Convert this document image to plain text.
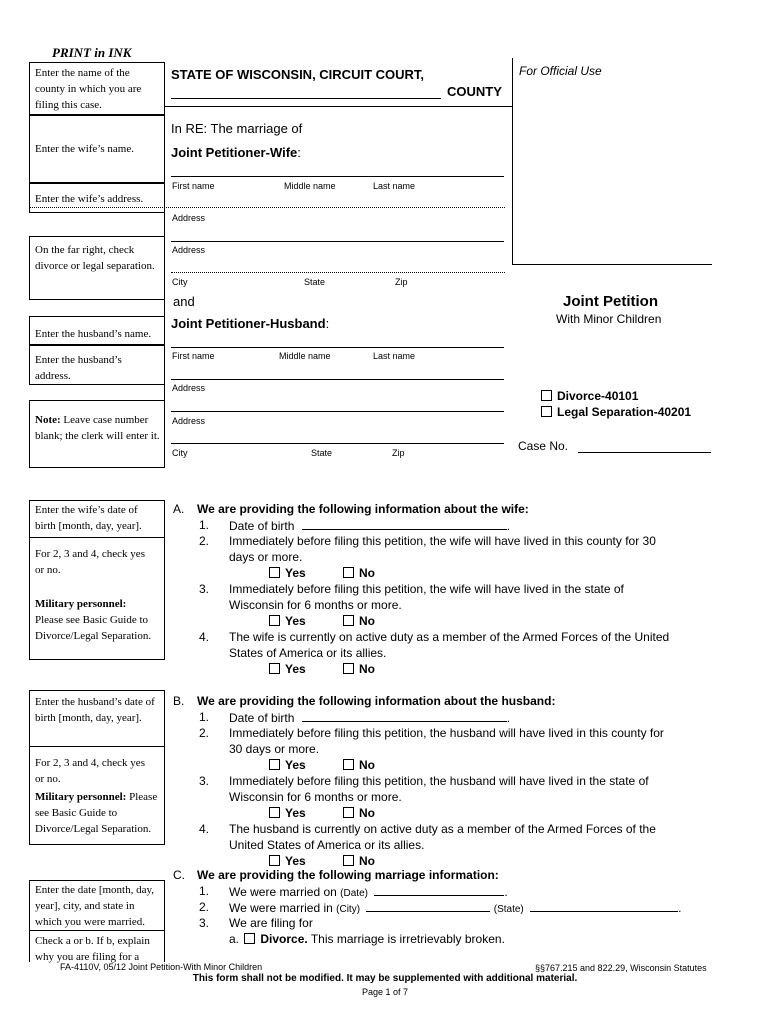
PRINT in INK
Enter the name of the county in which you are filing this case.
Enter the wife’s name.
Enter the wife’s address.
On the far right, check divorce or legal separation.
Enter the husband’s name.
Enter the husband’s address.
Note: Leave case number blank; the clerk will enter it.
For Official Use
STATE OF WISCONSIN, CIRCUIT COURT,
COUNTY
In RE: The marriage of
Joint Petitioner-Wife:
First name	Middle name	Last name
Address
Address
City	State	Zip
and
Joint Petitioner-Husband:
First name	Middle name	Last name
Address
Address
City	State	Zip
Joint Petition
With Minor Children
Divorce-40101
Legal Separation-40201
Case No.
Enter the wife’s date of birth [month, day, year].
For 2, 3 and 4, check yes or no.
Military personnel:
Please see Basic Guide to Divorce/Legal Separation.
A. We are providing the following information about the wife:
1. Date of birth	.
2. Immediately before filing this petition, the wife will have lived in this county for 30
days or more.
Yes	No
3. Immediately before filing this petition, the wife will have lived in the state of
Wisconsin for 6 months or more.
Yes	No
4. The wife is currently on active duty as a member of the Armed Forces of the United
States of America or its allies.
Yes	No
Enter the husband’s date of birth [month, day, year].
For 2, 3 and 4, check yes or no.
Military personnel: Please
see Basic Guide to Divorce/Legal Separation.
B. We are providing the following information about the husband:
1. Date of birth	.
2. Immediately before filing this petition, the husband will have lived in this county for
30 days or more.
Yes	No
3. Immediately before filing this petition, the husband will have lived in the state of
Wisconsin for 6 months or more.
Yes	No
4. The husband is currently on active duty as a member of the Armed Forces of the
United States of America or its allies.
Yes	No
Enter the date [month, day, year], city, and state in which you were married.
Check a or b. If b, explain why you are filing for a
C. We are providing the following marriage information:
1. We were married on (Date)	.
2. We were married in (City)	(State)	.
3. We are filing for
a. Divorce. This marriage is irretrievably broken.
FA-4110V, 05/12 Joint Petition-With Minor Children	§§767.215 and 822.29, Wisconsin Statutes
This form shall not be modified. It may be supplemented with additional material.
Page 1 of 7
